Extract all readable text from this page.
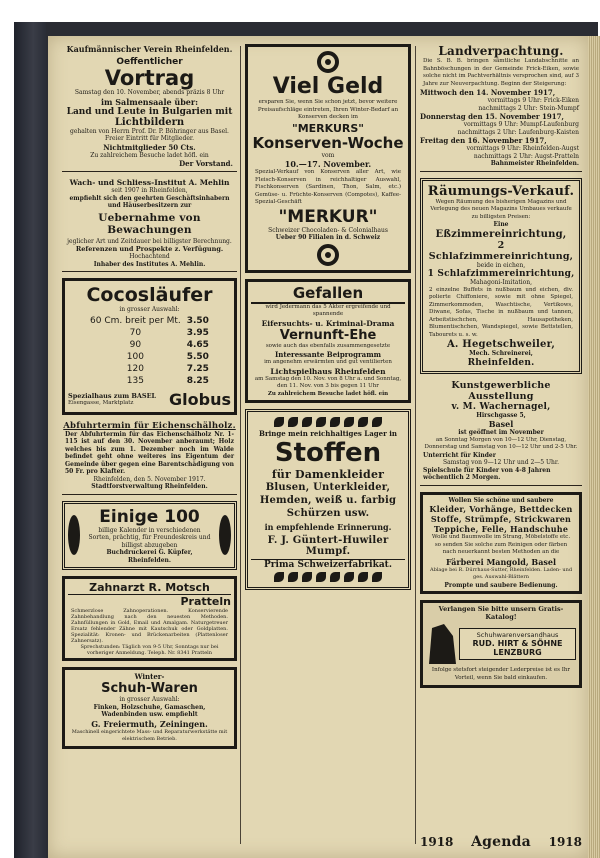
Kaufmännischer Verein Rheinfelden.
Oeffentlicher
Vortrag
Samstag den 10. November, abends präzis 8 Uhr
im Salmensaale über:
Land und Leute in Bulgarien mit
Lichtbildern
gehalten von Herrn Prof. Dr. P. Böhringer aus Basel. Freier Eintritt für Mitglieder.
Nichtmitglieder 50 Cts.
Zu zahlreichem Besuche ladet höfl. ein
Der Vorstand.
Wach- und Schliess-Institut A. Mehlin
seit 1907 in Rheinfelden,
empfiehlt sich den geehrten Geschäftsinhabern und Häuserbesitzern zur
Uebernahme von Bewachungen
jeglicher Art und Zeitdauer bei billigster Berechnung.
Referenzen und Prospekte z. Verfügung.
Hochachtend
Inhaber des Institutes A. Mehlin.
Cocosläufer
in grosser Auswahl:
60 Cm. breit per Mt.	3.50
70	3.95
90	4.65
100	5.50
120	7.25
135	8.25
Spezialhaus zum BASEL
Eisengasse, Marktplatz	Globus
Abfuhrtermin für Eichenschälholz.
Der Abfuhrtermin für das Eichenschälholz Nr. 1-115 ist auf den 30. November anberaumt; Holz welches bis zum 1. Dezember noch im Walde befindet geht ohne weiteres ins Eigentum der Gemeinde über gegen eine Barentschädigung von 50 Fr. pro Klafter.
Rheinfelden, den 5. November 1917.
Stadtforstverwaltung Rheinfelden.
Einige 100
billige Kalender in verschiedenen Sorten, prächtig, für Freundeskreis und billigst abzugeben
Buchdruckerei G. Küpfer, Rheinfelden.
Zahnarzt R. Motsch
Pratteln
Schmerzlose Zahnoperationen. Konservierende Zahnbehandlung nach den neuesten Methoden. Zahnfüllungen in Gold, Email und Amalgam. Naturgetreuer Ersatz fehlender Zähne mit Kautschuk oder Goldplatten. Spezialität: Kronen- und Brückenarbeiten (Plattenloser Zahnersatz).
Sprechstunden: Täglich von 9-5 Uhr, Sonntags nur bei vorheriger Anmeldung. Teleph. Nr. 8341 Pratteln
Winter-
Schuh-Waren
in grosser Auswahl:
Finken, Holzschuhe, Gamaschen, Wadenbinden usw. empfiehlt
G. Freiermuth, Zeiningen.
Maschinell eingerichtete Mass- und Reparaturwerkstätte mit elektrischem Betrieb.
Viel Geld
ersparen Sie, wenn Sie schon jetzt, bevor weitere Preisaufschläge eintreten, Ihren Winter-Bedarf an Konserven decken im
"MERKURS"
Konserven-Woche
vom
10.—17. November.
Spezial-Verkauf von Konserven aller Art, wie Fleisch-Konserven in reichhaltiger Auswahl, Fischkonserven (Sardinen, Thon, Salm, etc.) Gemüse- u. Früchte-Konserven (Compotes), Kaffee-Spezial-Geschäft
"MERKUR"
Schweizer Chocoladen- & Colonialhaus
Ueber 90 Filialen in d. Schweiz
Gefallen
wird Jedermann das 5 Akter ergreifende und spannende
Eifersuchts- u. Kriminal-Drama
Vernunft-Ehe
sowie auch das ebenfalls zusammengesetzte
Interessante Beiprogramm
im angenehm erwärmten und gut ventilierten
Lichtspielhaus Rheinfelden
am Samstag den 10. Nov. von 8 Uhr a. und Sonntag, den 11. Nov. von 3 bis gegen 11 Uhr
Zu zahlreichem Besuche ladet höfl. ein
Bringe mein reichhaltiges Lager in
Stoffen
für Damenkleider
Blusen, Unterkleider, Hemden, weiß u. farbig Schürzen usw.
in empfehlende Erinnerung.
F. J. Güntert-Huwiler
Mumpf.
Prima Schweizerfabrikat.
Landverpachtung.
Die S. B. B. bringen sämtliche Landabschnitte an Bahnböschungen in der Gemeinde Frick-Eiken, sowie solche nicht im Pachtverhältnis versprochen sind, auf 3 Jahre zur Neuverpachtung. Beginn der Steigerung:
Mittwoch den 14. November 1917,
vormittags 9 Uhr: Frick-Eiken
nachmittags 2 Uhr: Stein-Mumpf
Donnerstag den 15. November 1917,
vormittags 9 Uhr: Mumpf-Laufenburg
nachmittags 2 Uhr: Laufenburg-Kaisten
Freitag den 16. November 1917,
vormittags 9 Uhr: Rheinfelden-Augst
nachmittags 2 Uhr: Augst-Pratteln
Bahnmeister Rheinfelden.
Räumungs-Verkauf.
Wegen Räumung des bisherigen Magazins und Verlegung des neuen Magazins Umbaues verkaufe zu billigsten Preisen:
Eine
Eßzimmereinrichtung,
2 Schlafzimmereinrichtung,
beide in eichen,
1 Schlafzimmereinrichtung,
Mahagoni-Imitation,
2 einzelne Buffets in nußbaum und eichen, div. polierte Chiffoniere, sowie mit ohne Spiegel, Zimmerkommoden, Waschtische, Vertikows, Diwane, Sofas, Tische in nußbaum und tannen, Arbeitstischchen, Hausapotheken, Blumentischchen, Wandspiegel, sowie Bettstellen, Tabourets u. s. w.
A. Hegetschweiler,
Mech. Schreinerei,
Rheinfelden.
Kunstgewerbliche Ausstellung
v. M. Wachernagel,
Hirschgasse 5,
Basel
ist geöffnet im November
an Sonntag Morgen von 10—12 Uhr, Dienstag, Donnerstag und Samstag von 10—12 Uhr und 2-5 Uhr.
Unterricht für Kinder
Samstag von 9—12 Uhr und 2—5 Uhr.
Spielschule für Kinder von 4-8 Jahren wöchentlich 2 Morgen.
Wollen Sie schöne und saubere
Kleider, Vorhänge, Bettdecken Stoffe, Strümpfe, Strickwaren Teppiche, Felle, Handschuhe
Wolle und Baumwolle im Strang, Möbelstoffe etc. so senden Sie solche zum Reinigen oder färben nach neuerkannt besten Methoden an die
Färberei Mangold, Basel
Ablage bei R. Dürrhaus-Sutter, Rheinfelden. Laden- und ges. Auswahl-Blättern
Prompte und saubere Bedienung.
Verlangen Sie bitte unsern Gratis-Katalog!
Schuhwarenversandhaus
RUD. HIRT & SÖHNE
LENZBURG
Infolge stetsfort steigender Lederpreise ist es Ihr Vorteil, wenn Sie bald einkaufen.
1918 Agenda 1918
